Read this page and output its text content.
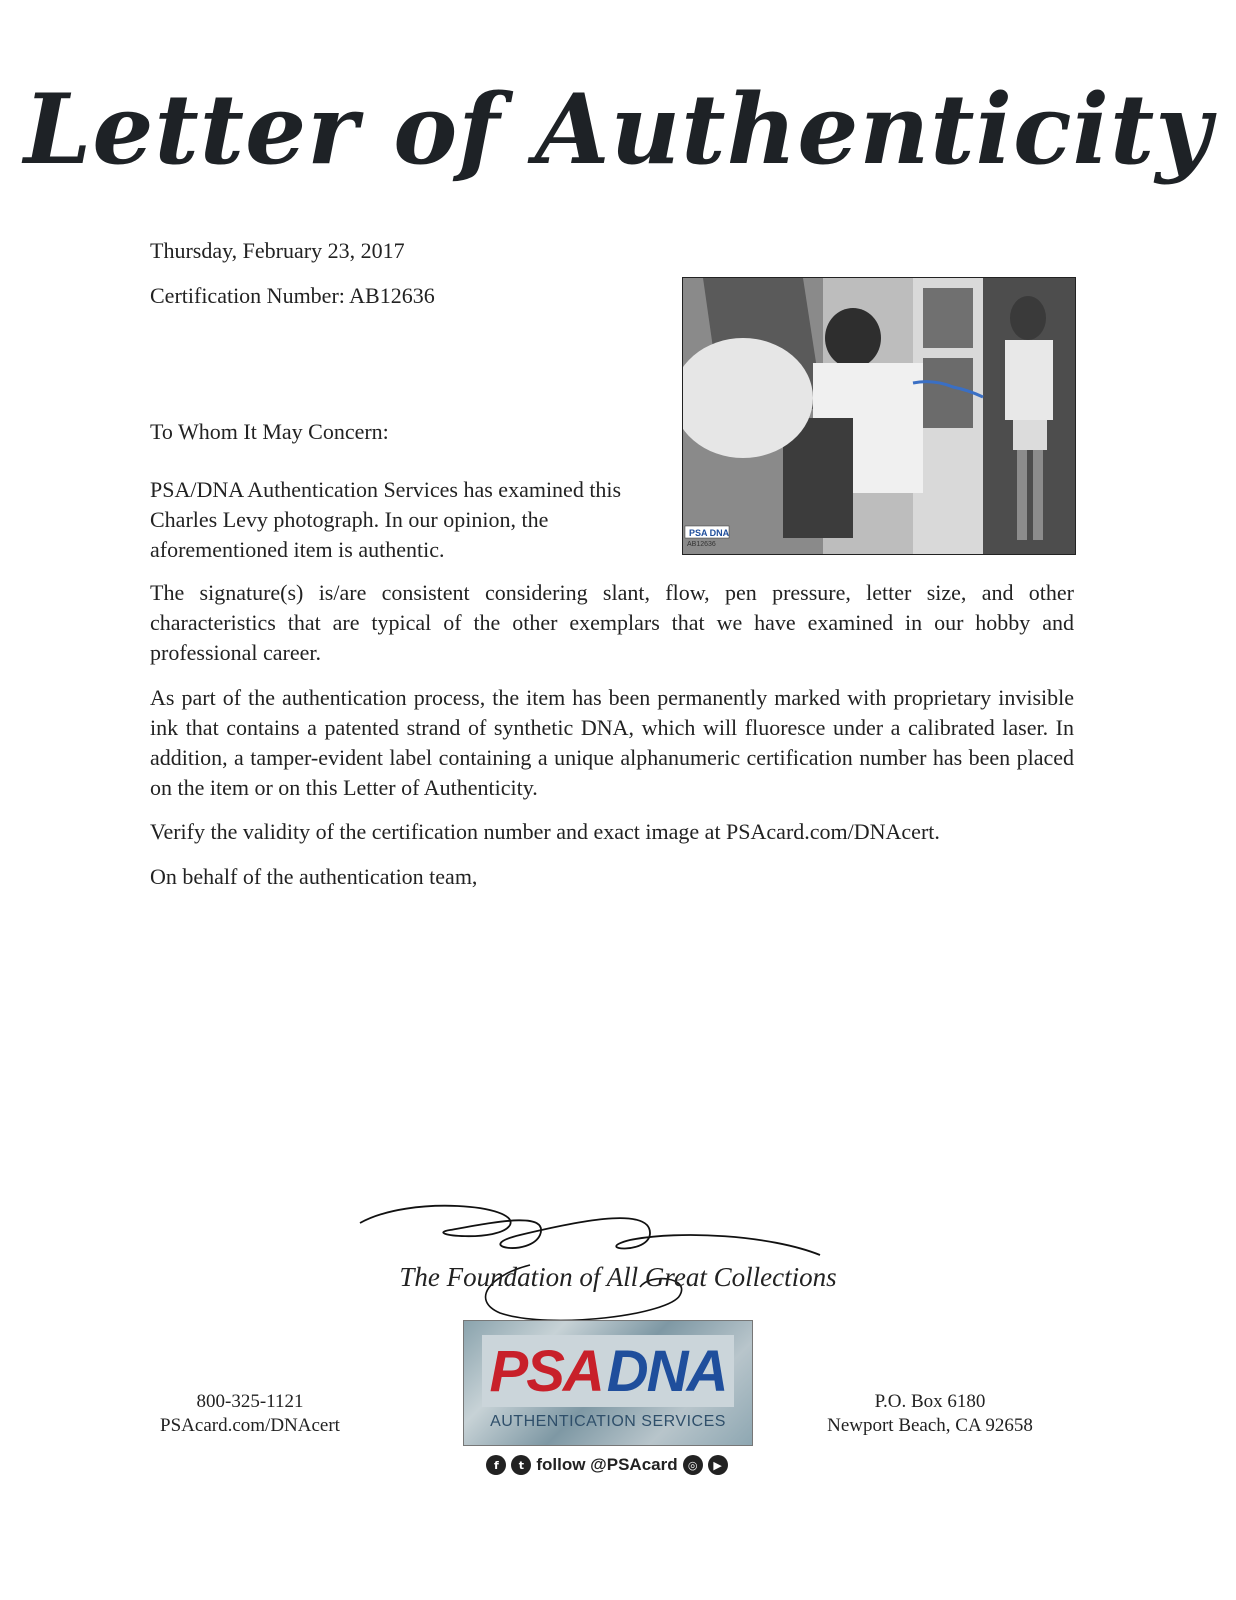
Letter of Authenticity

Thursday, February 23, 2017

Certification Number: AB12636

To Whom It May Concern:

PSA/DNA Authentication Services has examined this Charles Levy photograph. In our opinion, the aforementioned item is authentic.

PSA DNA
AB12636

The signature(s) is/are consistent considering slant, flow, pen pressure, letter size, and other characteristics that are typical of the other exemplars that we have examined in our hobby and professional career.

As part of the authentication process, the item has been permanently marked with proprietary invisible ink that contains a patented strand of synthetic DNA, which will fluoresce under a calibrated laser. In addition, a tamper-evident label containing a unique alphanumeric certification number has been placed on the item or on this Letter of Authenticity.

Verify the validity of the certification number and exact image at PSAcard.com/DNAcert.

On behalf of the authentication team,

The Foundation of All Great Collections
800-325-1121
PSAcard.com/DNAcert
P.O. Box 6180
Newport Beach, CA 92658
PSA DNA
AUTHENTICATION SERVICES
f	t follow @PSAcard ◎	▶
